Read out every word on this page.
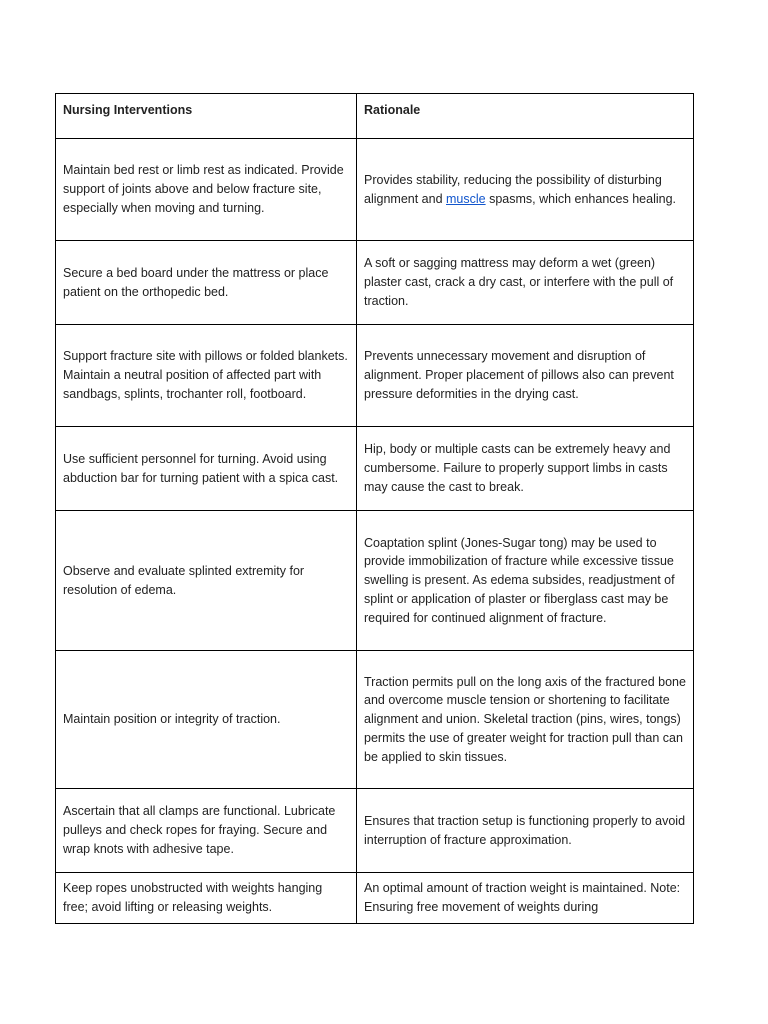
Nursing Interventions	Rationale
Maintain bed rest or limb rest as indicated. Provide support of joints above and below fracture site, especially when moving and turning.	Provides stability, reducing the possibility of disturbing alignment and muscle spasms, which enhances healing.
Secure a bed board under the mattress or place patient on the orthopedic bed.	A soft or sagging mattress may deform a wet (green) plaster cast, crack a dry cast, or interfere with the pull of traction.
Support fracture site with pillows or folded blankets. Maintain a neutral position of affected part with sandbags, splints, trochanter roll, footboard.	Prevents unnecessary movement and disruption of alignment. Proper placement of pillows also can prevent pressure deformities in the drying cast.
Use sufficient personnel for turning. Avoid using abduction bar for turning patient with a spica cast.	Hip, body or multiple casts can be extremely heavy and cumbersome. Failure to properly support limbs in casts may cause the cast to break.
Observe and evaluate splinted extremity for resolution of edema.	Coaptation splint (Jones-Sugar tong) may be used to provide immobilization of fracture while excessive tissue swelling is present. As edema subsides, readjustment of splint or application of plaster or fiberglass cast may be required for continued alignment of fracture.
Maintain position or integrity of traction.	Traction permits pull on the long axis of the fractured bone and overcome muscle tension or shortening to facilitate alignment and union. Skeletal traction (pins, wires, tongs) permits the use of greater weight for traction pull than can be applied to skin tissues.
Ascertain that all clamps are functional. Lubricate pulleys and check ropes for fraying. Secure and wrap knots with adhesive tape.	Ensures that traction setup is functioning properly to avoid interruption of fracture approximation.
Keep ropes unobstructed with weights hanging free; avoid lifting or releasing weights.	An optimal amount of traction weight is maintained. Note: Ensuring free movement of weights during
